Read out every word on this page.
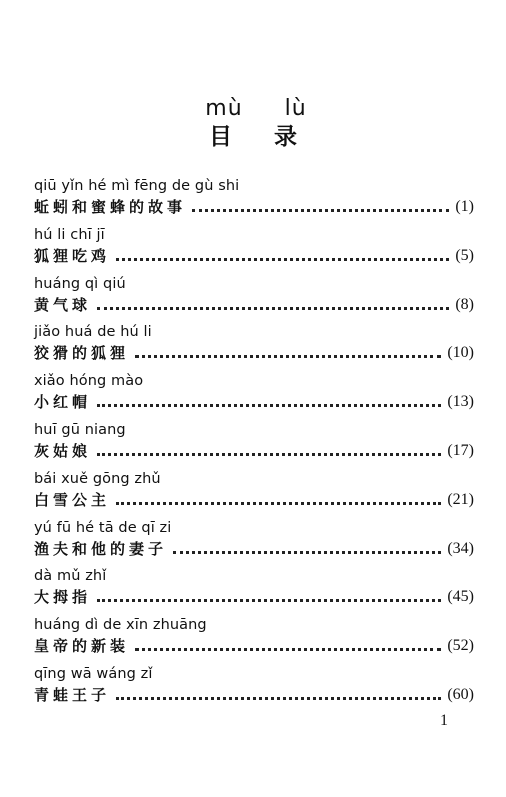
mù lù
目录
qiū yǐn hé mì fēng de gù shi
蚯蚓和蜜蜂的故事	(1)
hú li chī jī
狐狸吃鸡	(5)
huáng qì qiú
黄气球	(8)
jiǎo huá de hú li
狡猾的狐狸	(10)
xiǎo hóng mào
小红帽	(13)
huī gū niang
灰姑娘	(17)
bái xuě gōng zhǔ
白雪公主	(21)
yú fū hé tā de qī zi
渔夫和他的妻子	(34)
dà mǔ zhǐ
大拇指	(45)
huáng dì de xīn zhuāng
皇帝的新装	(52)
qīng wā wáng zǐ
青蛙王子	(60)
1
